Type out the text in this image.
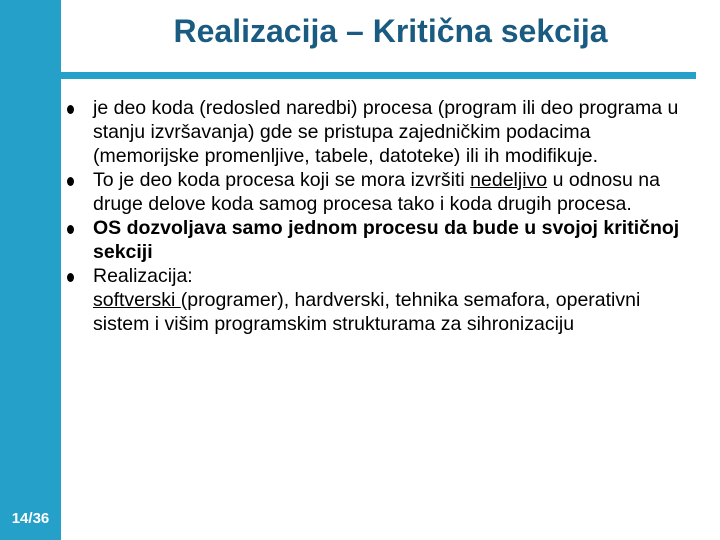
14/36
Realizacija – Kritična sekcija
je deo koda (redosled naredbi) procesa (program ili deo programa u stanju izvršavanja) gde se pristupa zajedničkim podacima (memorijske promenljive, tabele, datoteke) ili ih modifikuje.
To je deo koda procesa koji se mora izvršiti nedeljivo u odnosu na druge delove koda samog procesa tako i koda drugih procesa.
OS dozvoljava samo jednom procesu da bude u svojoj kritičnoj sekciji
Realizacija:
softverski (programer), hardverski, tehnika semafora, operativni sistem i višim programskim strukturama za sihronizaciju
